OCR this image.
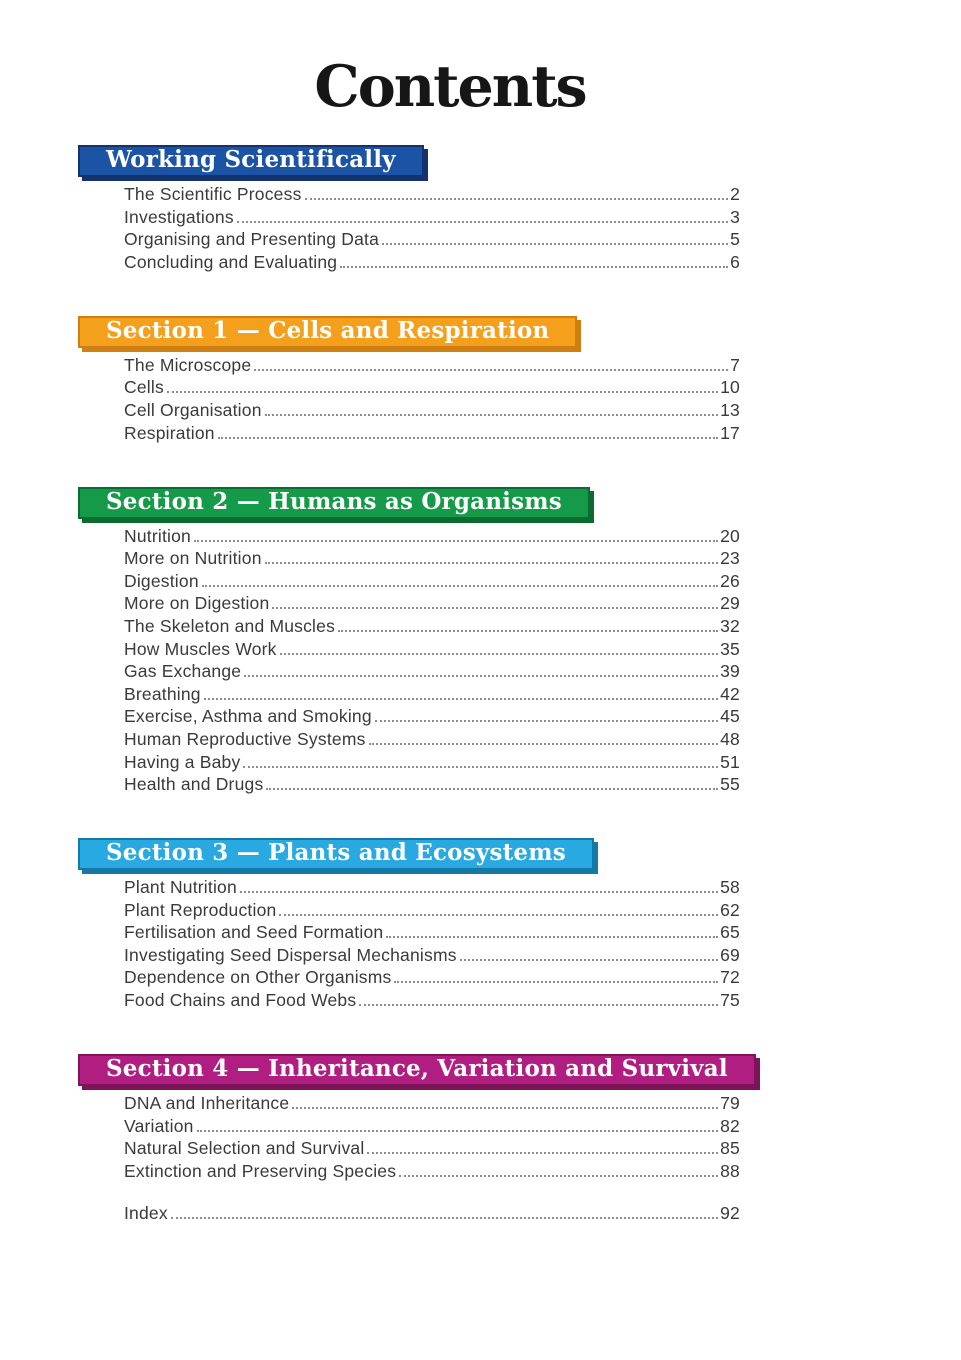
Contents
Working Scientifically
The Scientific Process	2
Investigations	3
Organising and Presenting Data	5
Concluding and Evaluating	6
Section 1 — Cells and Respiration
The Microscope	7
Cells	10
Cell Organisation	13
Respiration	17
Section 2 — Humans as Organisms
Nutrition	20
More on Nutrition	23
Digestion	26
More on Digestion	29
The Skeleton and Muscles	32
How Muscles Work	35
Gas Exchange	39
Breathing	42
Exercise, Asthma and Smoking	45
Human Reproductive Systems	48
Having a Baby	51
Health and Drugs	55
Section 3 — Plants and Ecosystems
Plant Nutrition	58
Plant Reproduction	62
Fertilisation and Seed Formation	65
Investigating Seed Dispersal Mechanisms	69
Dependence on Other Organisms	72
Food Chains and Food Webs	75
Section 4 — Inheritance, Variation and Survival
DNA and Inheritance	79
Variation	82
Natural Selection and Survival	85
Extinction and Preserving Species	88
Index	92
